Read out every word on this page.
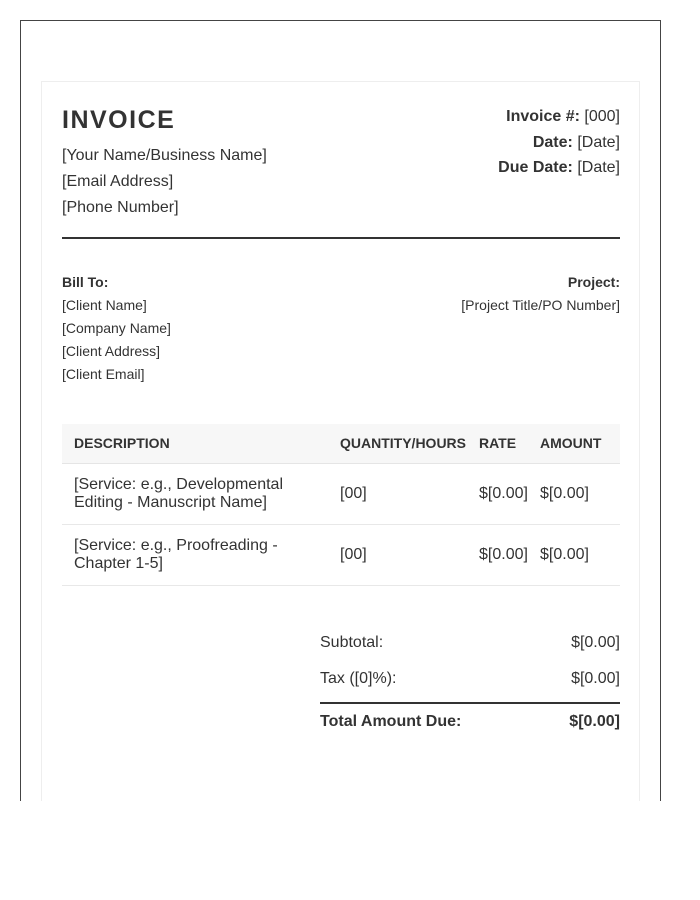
INVOICE
[Your Name/Business Name]
[Email Address]
[Phone Number]
Invoice #: [000]
Date: [Date]
Due Date: [Date]
Bill To:
[Client Name]
[Company Name]
[Client Address]
[Client Email]
Project:
[Project Title/PO Number]
DESCRIPTION	QUANTITY/HOURS	RATE	AMOUNT
[Service: e.g., Developmental Editing - Manuscript Name]	[00]	$[0.00]	$[0.00]
[Service: e.g., Proofreading - Chapter 1-5]	[00]	$[0.00]	$[0.00]
Subtotal:	$[0.00]
Tax ([0]%):	$[0.00]
Total Amount Due:	$[0.00]
